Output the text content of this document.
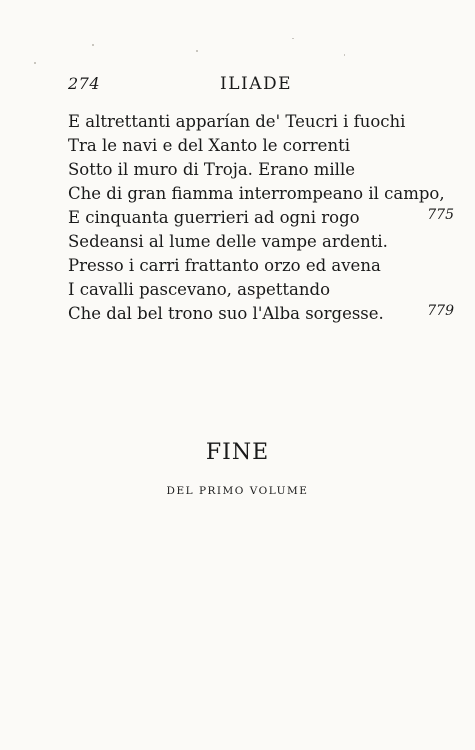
274	ILIADE
E altrettanti apparían de' Teucri i fuochi
Tra le navi e del Xanto le correnti
Sotto il muro di Troja. Erano mille
Che di gran fiamma interrompeano il campo,
E cinquanta guerrieri ad ogni rogo	775
Sedeansi al lume delle vampe ardenti.
Presso i carri frattanto orzo ed avena
I cavalli pascevano, aspettando
Che dal bel trono suo l'Alba sorgesse.	779
FINE
DEL PRIMO VOLUME
